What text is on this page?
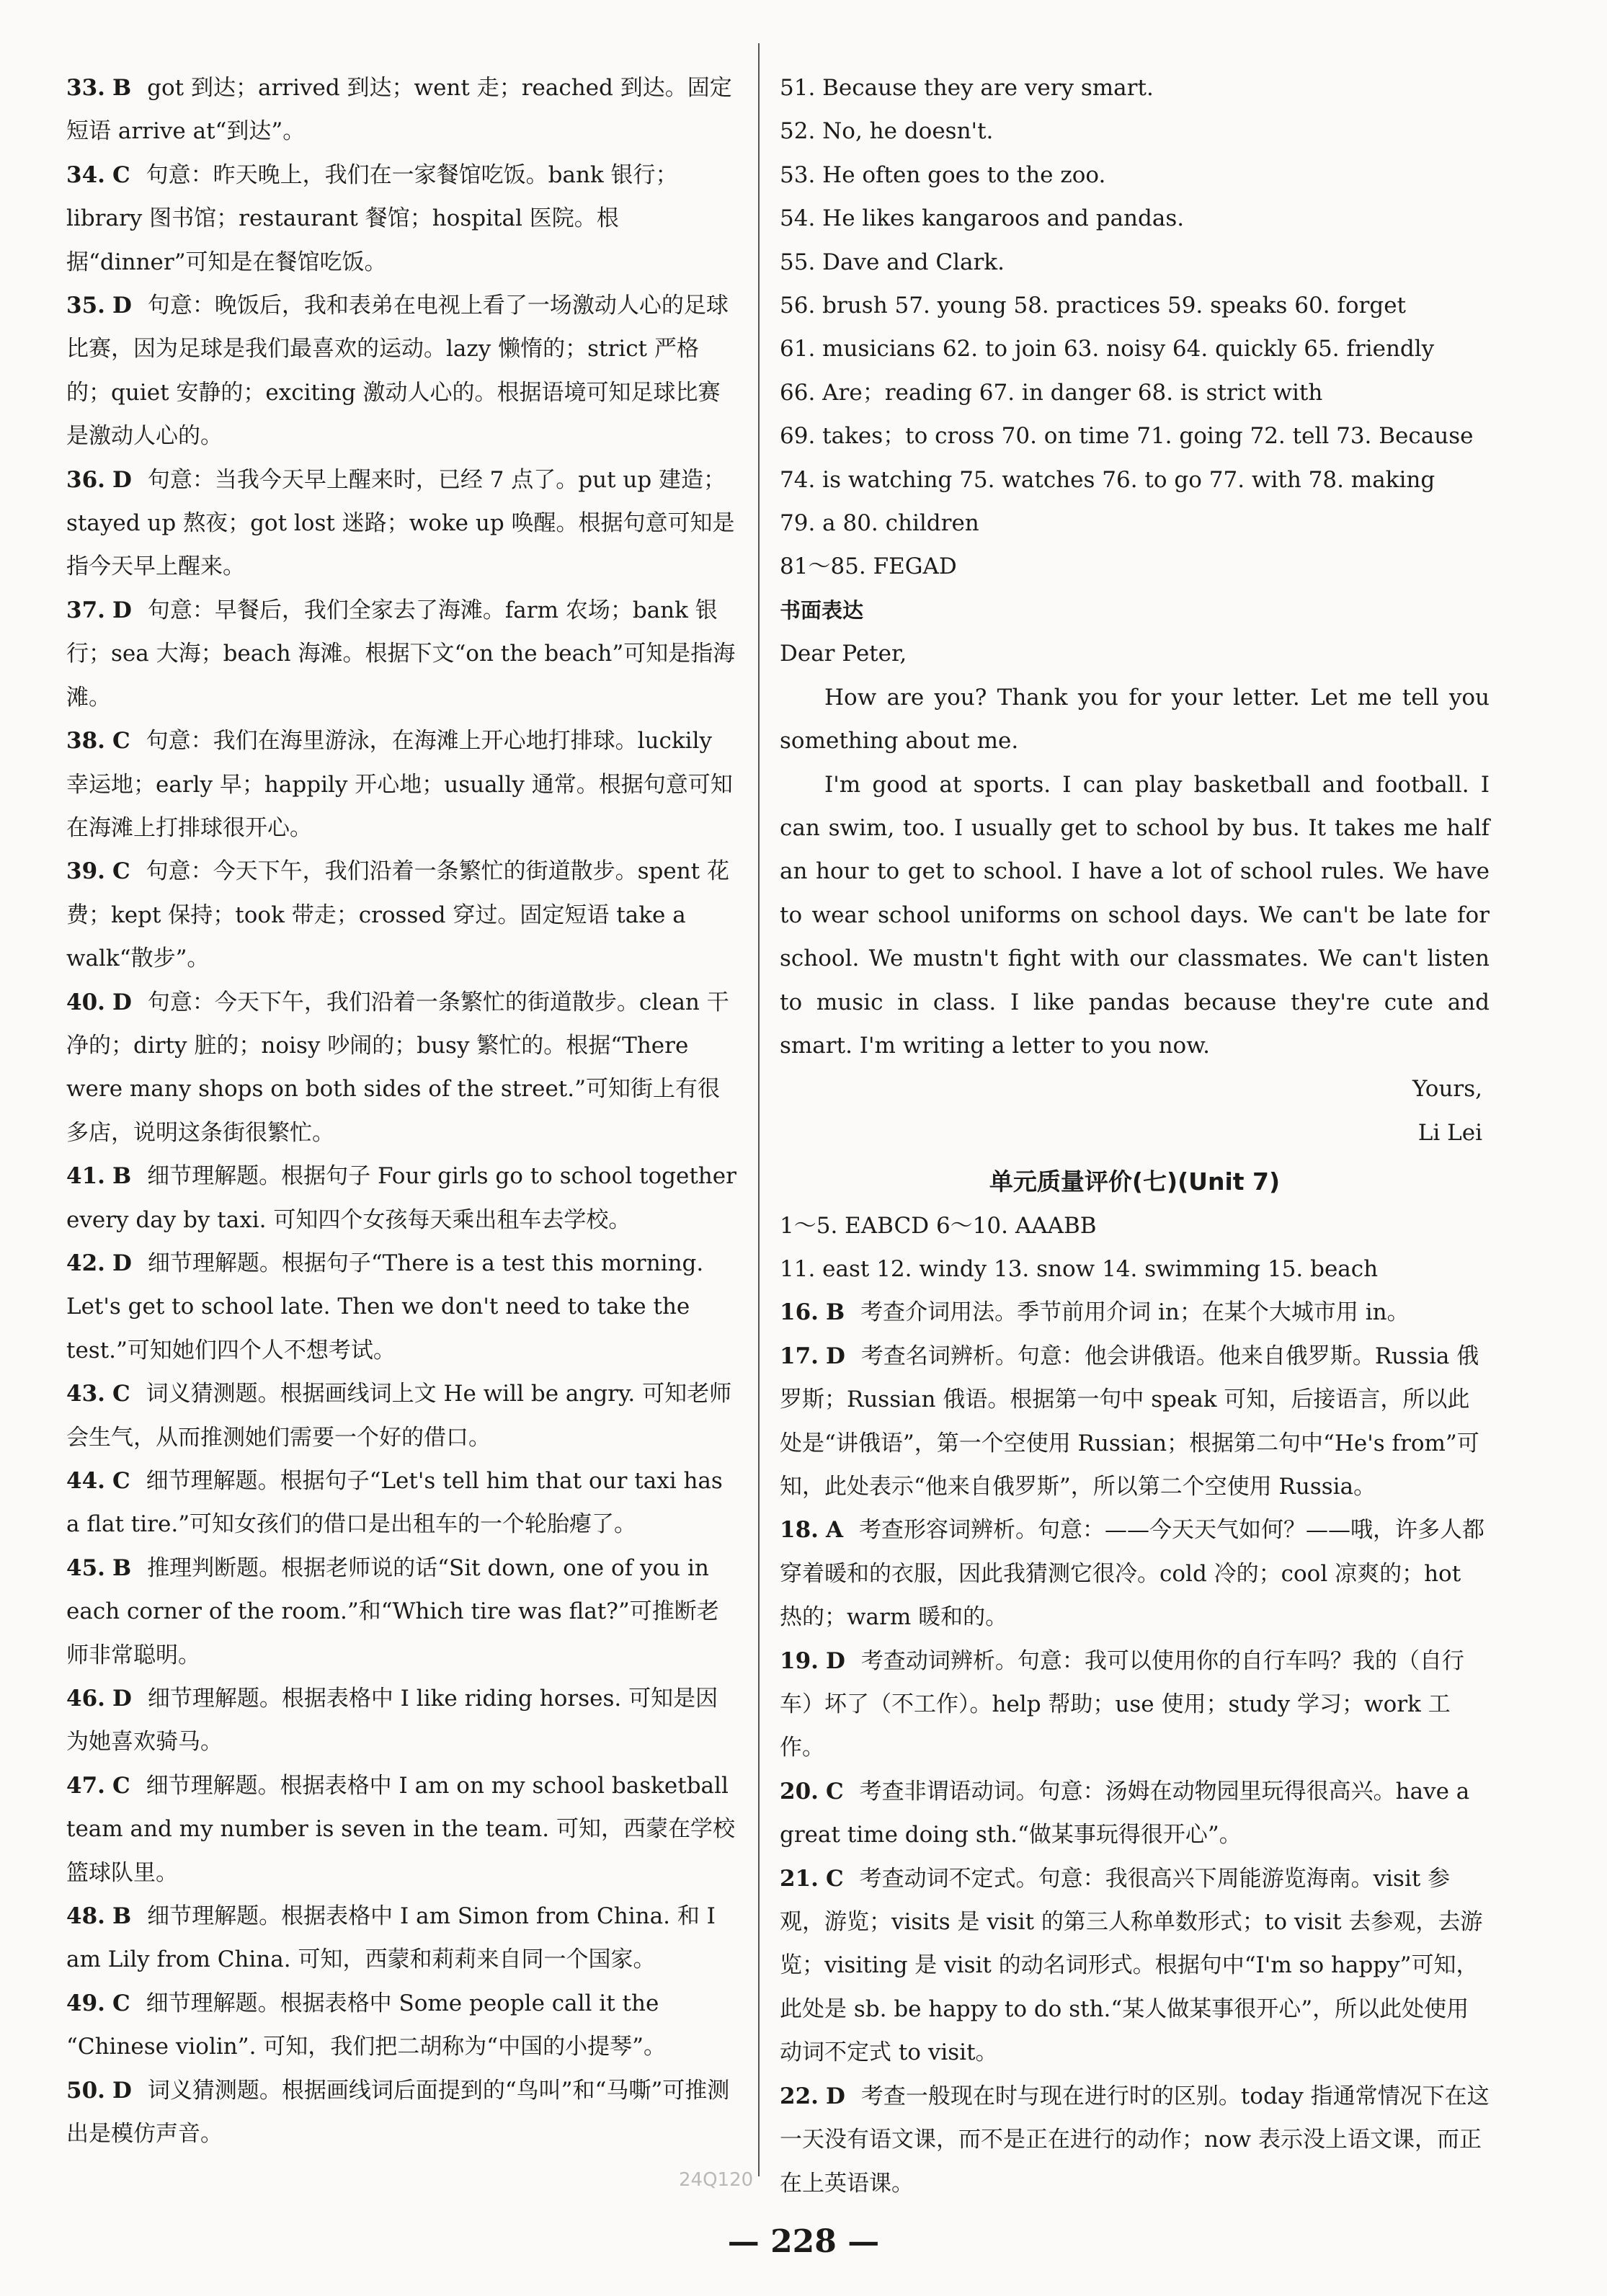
33. B got 到达；arrived 到达；went 走；reached 到达。固定短语 arrive at“到达”。

34. C 句意：昨天晚上，我们在一家餐馆吃饭。bank 银行；library 图书馆；restaurant 餐馆；hospital 医院。根据“dinner”可知是在餐馆吃饭。

35. D 句意：晚饭后，我和表弟在电视上看了一场激动人心的足球比赛，因为足球是我们最喜欢的运动。lazy 懒惰的；strict 严格的；quiet 安静的；exciting 激动人心的。根据语境可知足球比赛是激动人心的。

36. D 句意：当我今天早上醒来时，已经 7 点了。put up 建造；stayed up 熬夜；got lost 迷路；woke up 唤醒。根据句意可知是指今天早上醒来。

37. D 句意：早餐后，我们全家去了海滩。farm 农场；bank 银行；sea 大海；beach 海滩。根据下文“on the beach”可知是指海滩。

38. C 句意：我们在海里游泳，在海滩上开心地打排球。luckily 幸运地；early 早；happily 开心地；usually 通常。根据句意可知在海滩上打排球很开心。

39. C 句意：今天下午，我们沿着一条繁忙的街道散步。spent 花费；kept 保持；took 带走；crossed 穿过。固定短语 take a walk“散步”。

40. D 句意：今天下午，我们沿着一条繁忙的街道散步。clean 干净的；dirty 脏的；noisy 吵闹的；busy 繁忙的。根据“There were many shops on both sides of the street.”可知街上有很多店，说明这条街很繁忙。

41. B 细节理解题。根据句子 Four girls go to school together every day by taxi. 可知四个女孩每天乘出租车去学校。

42. D 细节理解题。根据句子“There is a test this morning. Let's get to school late. Then we don't need to take the test.”可知她们四个人不想考试。

43. C 词义猜测题。根据画线词上文 He will be angry. 可知老师会生气，从而推测她们需要一个好的借口。

44. C 细节理解题。根据句子“Let's tell him that our taxi has a flat tire.”可知女孩们的借口是出租车的一个轮胎瘪了。

45. B 推理判断题。根据老师说的话“Sit down, one of you in each corner of the room.”和“Which tire was flat?”可推断老师非常聪明。

46. D 细节理解题。根据表格中 I like riding horses. 可知是因为她喜欢骑马。

47. C 细节理解题。根据表格中 I am on my school basketball team and my number is seven in the team. 可知，西蒙在学校篮球队里。

48. B 细节理解题。根据表格中 I am Simon from China. 和 I am Lily from China. 可知，西蒙和莉莉来自同一个国家。

49. C 细节理解题。根据表格中 Some people call it the “Chinese violin”. 可知，我们把二胡称为“中国的小提琴”。

50. D 词义猜测题。根据画线词后面提到的“鸟叫”和“马嘶”可推测出是模仿声音。

51. Because they are very smart.

52. No, he doesn't.

53. He often goes to the zoo.

54. He likes kangaroos and pandas.

55. Dave and Clark.

56. brush 57. young 58. practices 59. speaks 60. forget

61. musicians 62. to join 63. noisy 64. quickly 65. friendly

66. Are；reading 67. in danger 68. is strict with

69. takes；to cross 70. on time 71. going 72. tell 73. Because

74. is watching 75. watches 76. to go 77. with 78. making

79. a 80. children

81～85. FEGAD

书面表达

Dear Peter,

How are you? Thank you for your letter. Let me tell you something about me.

I'm good at sports. I can play basketball and football. I can swim, too. I usually get to school by bus. It takes me half an hour to get to school. I have a lot of school rules. We have to wear school uniforms on school days. We can't be late for school. We mustn't fight with our classmates. We can't listen to music in class. I like pandas because they're cute and smart. I'm writing a letter to you now.

Yours,

Li Lei

单元质量评价(七)(Unit 7)

1～5. EABCD 6～10. AAABB

11. east 12. windy 13. snow 14. swimming 15. beach

16. B 考查介词用法。季节前用介词 in；在某个大城市用 in。

17. D 考查名词辨析。句意：他会讲俄语。他来自俄罗斯。Russia 俄罗斯；Russian 俄语。根据第一句中 speak 可知，后接语言，所以此处是“讲俄语”，第一个空使用 Russian；根据第二句中“He's from”可知，此处表示“他来自俄罗斯”，所以第二个空使用 Russia。

18. A 考查形容词辨析。句意：——今天天气如何？——哦，许多人都穿着暖和的衣服，因此我猜测它很冷。cold 冷的；cool 凉爽的；hot 热的；warm 暖和的。

19. D 考查动词辨析。句意：我可以使用你的自行车吗？我的（自行车）坏了（不工作）。help 帮助；use 使用；study 学习；work 工作。

20. C 考查非谓语动词。句意：汤姆在动物园里玩得很高兴。have a great time doing sth.“做某事玩得很开心”。

21. C 考查动词不定式。句意：我很高兴下周能游览海南。visit 参观，游览；visits 是 visit 的第三人称单数形式；to visit 去参观，去游览；visiting 是 visit 的动名词形式。根据句中“I'm so happy”可知，此处是 sb. be happy to do sth.“某人做某事很开心”，所以此处使用动词不定式 to visit。

22. D 考查一般现在时与现在进行时的区别。today 指通常情况下在这一天没有语文课，而不是正在进行的动作；now 表示没上语文课，而正在上英语课。

24Q120
— 228 —
